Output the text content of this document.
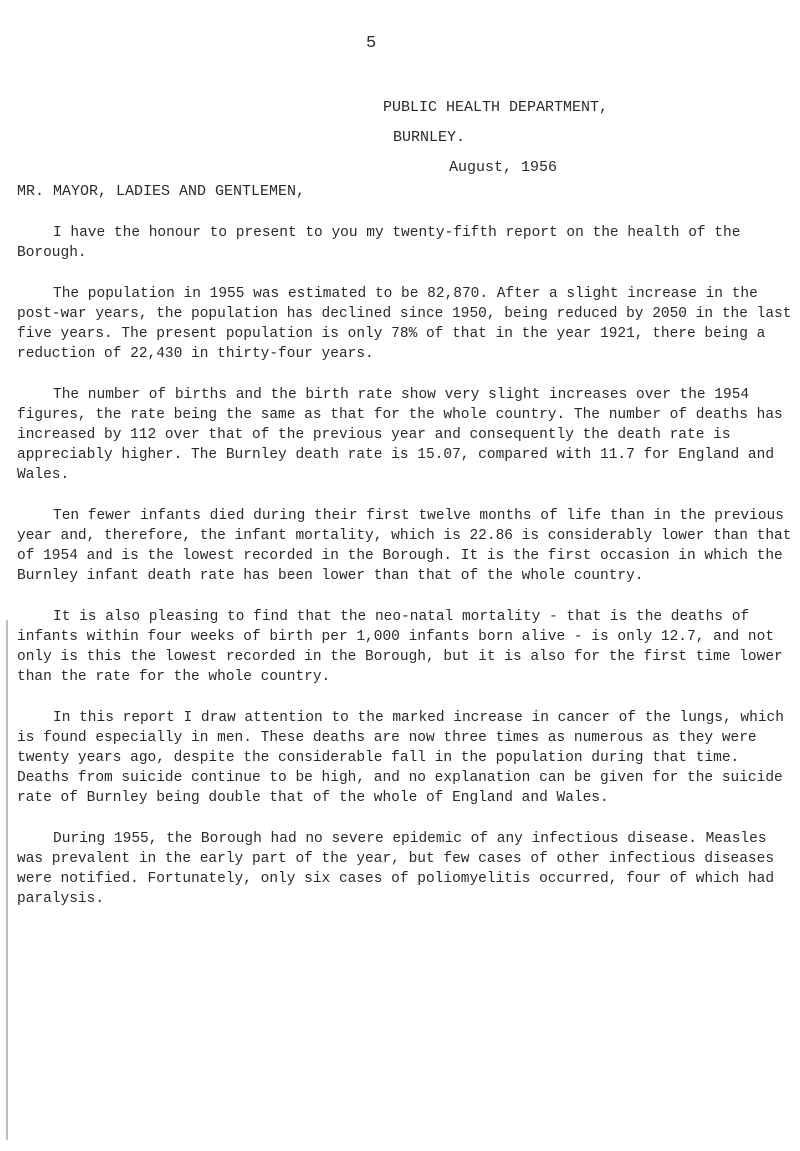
5
PUBLIC HEALTH DEPARTMENT,
BURNLEY.
August, 1956
MR. MAYOR, LADIES AND GENTLEMEN,

I have the honour to present to you my twenty-fifth report on the health of the Borough.

The population in 1955 was estimated to be 82,870. After a slight increase in the post-war years, the population has declined since 1950, being reduced by 2050 in the last five years. The present population is only 78% of that in the year 1921, there being a reduction of 22,430 in thirty-four years.

The number of births and the birth rate show very slight increases over the 1954 figures, the rate being the same as that for the whole country. The number of deaths has increased by 112 over that of the previous year and consequently the death rate is appreciably higher. The Burnley death rate is 15.07, compared with 11.7 for England and Wales.

Ten fewer infants died during their first twelve months of life than in the previous year and, therefore, the infant mortality, which is 22.86 is considerably lower than that of 1954 and is the lowest recorded in the Borough. It is the first occasion in which the Burnley infant death rate has been lower than that of the whole country.

It is also pleasing to find that the neo-natal mortality - that is the deaths of infants within four weeks of birth per 1,000 infants born alive - is only 12.7, and not only is this the lowest recorded in the Borough, but it is also for the first time lower than the rate for the whole country.

In this report I draw attention to the marked increase in cancer of the lungs, which is found especially in men. These deaths are now three times as numerous as they were twenty years ago, despite the considerable fall in the population during that time. Deaths from suicide continue to be high, and no explanation can be given for the suicide rate of Burnley being double that of the whole of England and Wales.

During 1955, the Borough had no severe epidemic of any infectious disease. Measles was prevalent in the early part of the year, but few cases of other infectious diseases were notified. Fortunately, only six cases of poliomyelitis occurred, four of which had paralysis.
